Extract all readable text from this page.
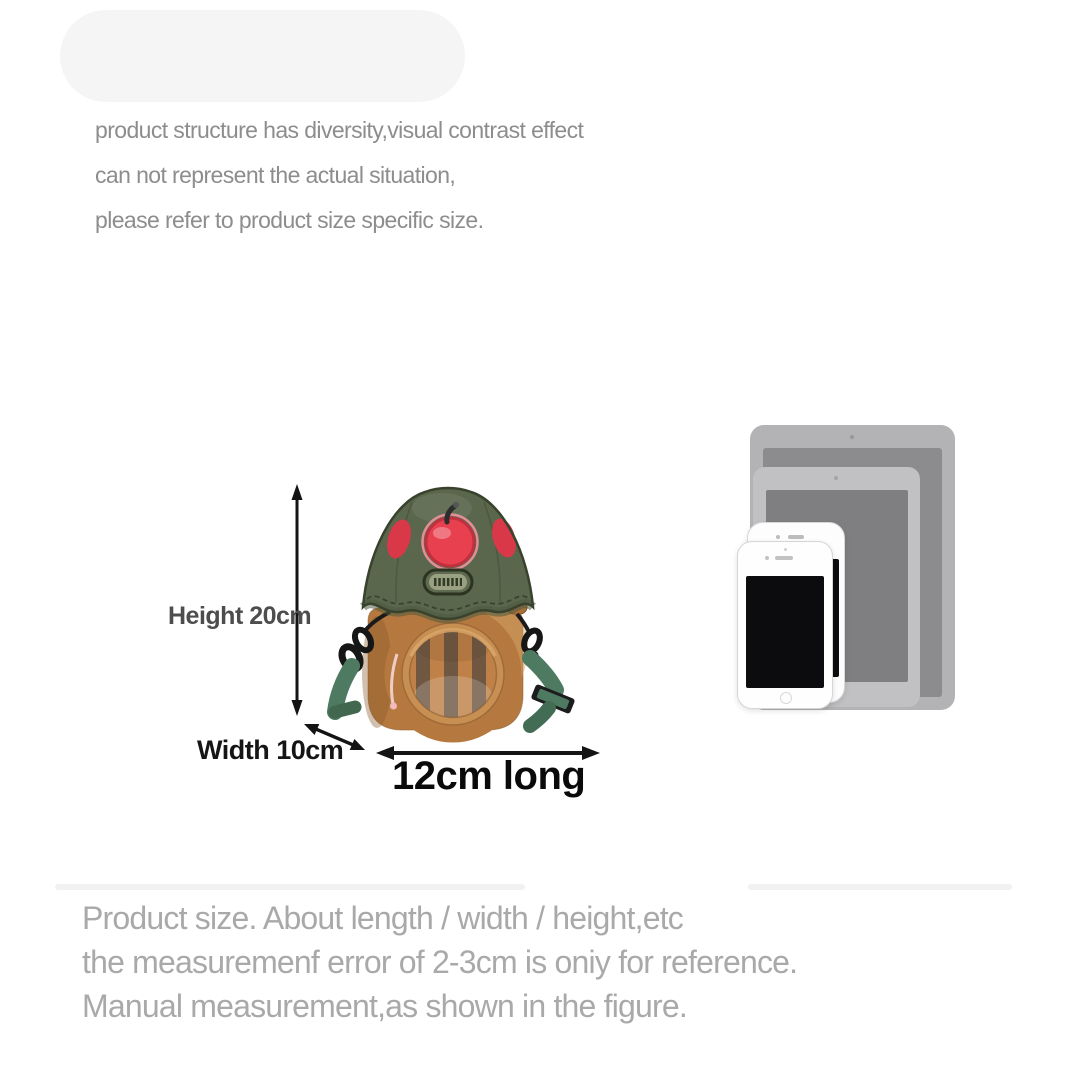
product structure has diversity,visual contrast effect
can not represent the actual situation,
please refer to product size specific size.
Height 20cm
Width 10cm
12cm long
Product size. About length / width / height,etc
the measuremenf error of 2-3cm is oniy for reference.
Manual measurement,as shown in the figure.
